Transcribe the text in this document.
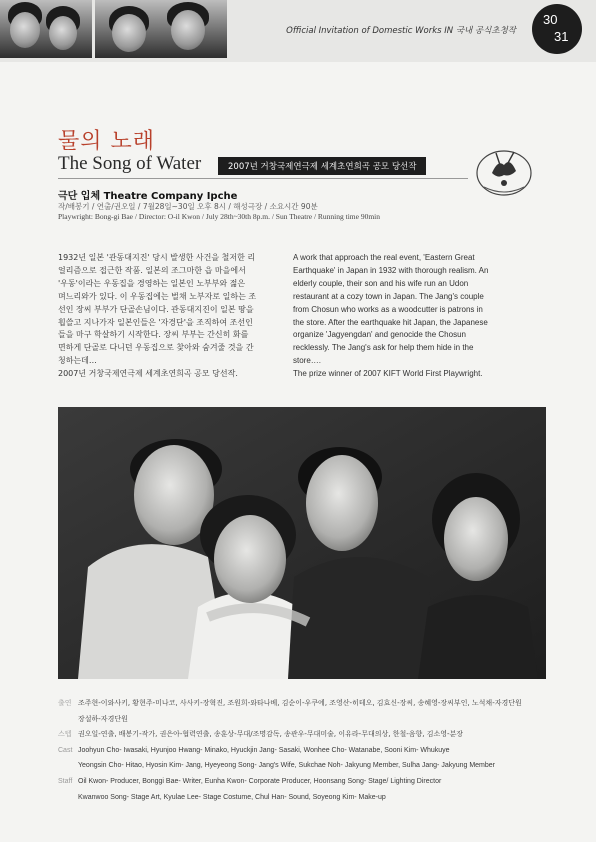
Official Invitation of Domestic Works IN 국내 공식초청작
30
31
물의 노래
The Song of Water	2007년 거창국제연극제 세계초연희곡 공모 당선작
극단 입체 Theatre Company Ipche
작/배봉기 / 연출/권오일 / 7월28일~30일 오후 8시 / 해성극장 / 소요시간 90분
Playwright: Bong-gi Bae / Director: O-il Kwon / July 28th~30th 8p.m. / Sun Theatre / Running time 90min

1932년 일본 '관동대지진' 당시 발생한 사건을 철저한 리

얼리즘으로 접근한 작품. 일본의 조그마한 읍 마을에서

'우동'이라는 우동집을 경영하는 일본인 노부부와 젊은

며느리와가 있다. 이 우동집에는 벌채 노부자로 일하는 조

선인 장씨 부부가 단골손님이다. 관동대지진이 일본 땅을

휩쓸고 지나가자 일본인들은 '자경단'을 조직하여 조선인

들을 마구 학살하기 시작한다. 장씨 부부는 간신히 화를

면하게 단골로 다니던 우동집으로 찾아와 숨겨줄 것을 간

청하는데…

2007년 거창국제연극제 세계초연희곡 공모 당선작.

A work that approach the real event, 'Eastern Great

Earthquake' in Japan in 1932 with thorough realism. An

elderly couple, their son and his wife run an Udon

restaurant at a cozy town in Japan. The Jang's couple

from Chosun who works as a woodcutter is patrons in

the store. After the earthquake hit Japan, the Japanese

organize 'Jagyengdan' and genocide the Chosun

recklessly. The Jang's ask for help them hide in the

store….

The prize winner of 2007 KIFT World First Playwright.

출연 조주현-이와사키, 황현주-미나코, 사사키-장혁진, 조원희-와타나베, 김순이-우쿠에, 조영산-히테오, 김효신-장씨, 송혜영-장씨부인, 노석채-자경단원
장설하-자경단원
스텝 권오일-연출, 배봉기-작가, 권은아-협력연출, 송훈상-무대/조명감독, 송관우-무대미술, 이유라-무대의상, 한철-음향, 김소영-분장
Cast Joohyun Cho- Iwasaki, Hyunjoo Hwang- Minako, Hyuckjin Jang- Sasaki, Wonhee Cho- Watanabe, Sooni Kim- Whukuye
Yeongsin Cho- Hitao, Hyosin Kim- Jang, Hyeyeong Song- Jang's Wife, Sukchae Noh- Jakyung Member, Sulha Jang- Jakyung Member
Staff Oil Kwon- Producer, Bonggi Bae- Writer, Eunha Kwon- Corporate Producer, Hoonsang Song- Stage/ Lighting Director
Kwanwoo Song- Stage Art, Kyulae Lee- Stage Costume, Chul Han- Sound, Soyeong Kim- Make-up
